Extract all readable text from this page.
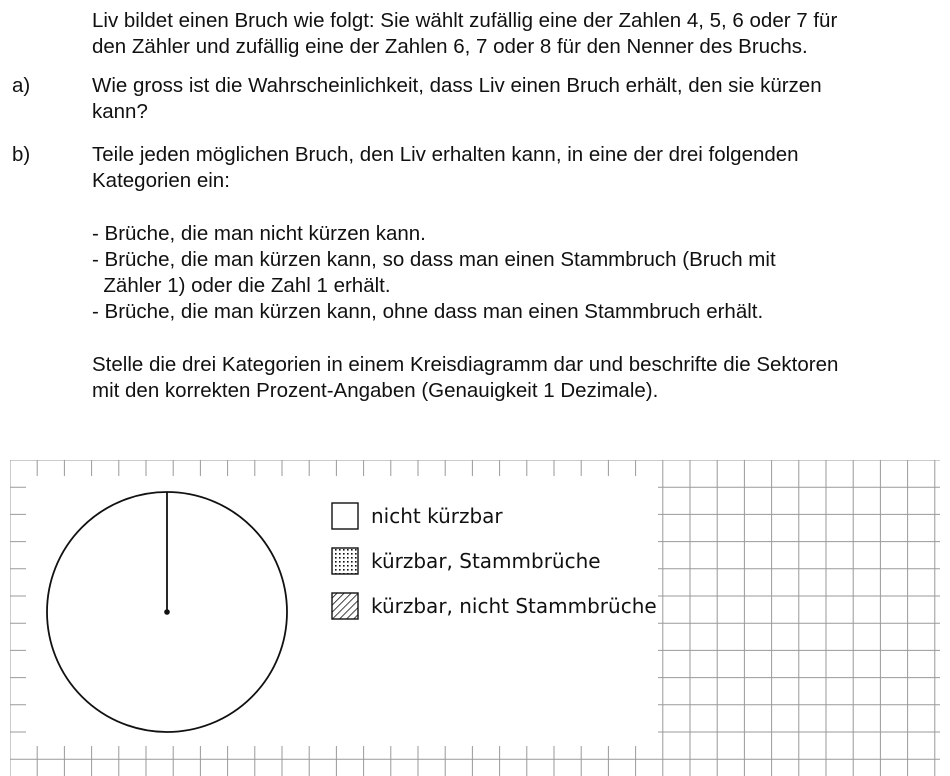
Liv bildet einen Bruch wie folgt: Sie wählt zufällig eine der Zahlen 4, 5, 6 oder 7 für
den Zähler und zufällig eine der Zahlen 6, 7 oder 8 für den Nenner des Bruchs.
a)	Wie gross ist die Wahrscheinlichkeit, dass Liv einen Bruch erhält, den sie kürzen
kann?
b)	Teile jeden möglichen Bruch, den Liv erhalten kann, in eine der drei folgenden
Kategorien ein:
- Brüche, die man nicht kürzen kann.
- Brüche, die man kürzen kann, so dass man einen Stammbruch (Bruch mit
Zähler 1) oder die Zahl 1 erhält.
- Brüche, die man kürzen kann, ohne dass man einen Stammbruch erhält.
Stelle die drei Kategorien in einem Kreisdiagramm dar und beschrifte die Sektoren
mit den korrekten Prozent-Angaben (Genauigkeit 1 Dezimale).
nicht kürzbar
kürzbar, Stammbrüche
kürzbar, nicht Stammbrüche
